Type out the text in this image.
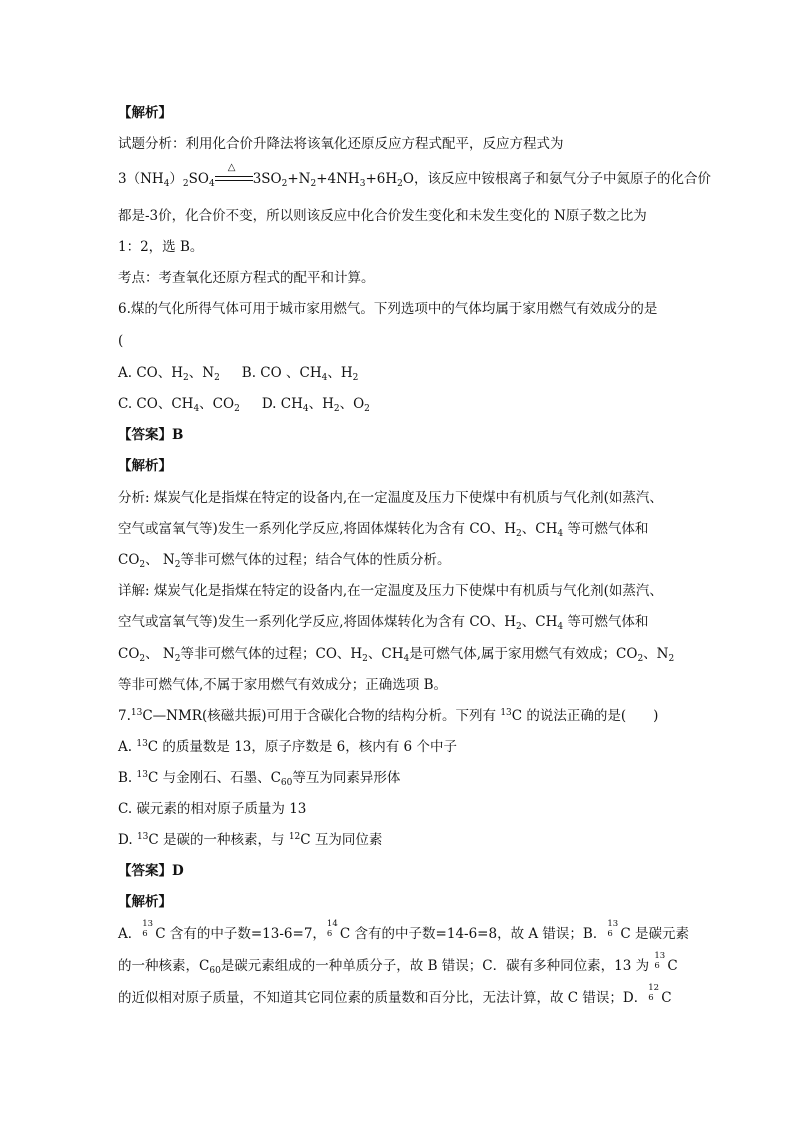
【解析】
试题分析：利用化合价升降法将该氧化还原反应方程式配平，反应方程式为
$3(NH_4)_2SO_4$
△
$3SO_2+N_2+4NH_3+6H_2O$，该反应中铵根离子和氨气分子中氮原子的化合价
都是-3价，化合价不变，所以则该反应中化合价发生变化和未发生变化的 N原子数之比为
1：2，选 B。
考点：考查氧化还原方程式的配平和计算。
6.煤的气化所得气体可用于城市家用燃气。下列选项中的气体均属于家用燃气有效成分的是
(
A. CO、$H_2$、$N_2$ B. CO 、$CH_4$、$H_2$
C. CO、$CH_4$、$CO_2$ D. $CH_4$、$H_2$、$O_2$
【答案】B
【解析】
分析: 煤炭气化是指煤在特定的设备内,在一定温度及压力下使煤中有机质与气化剂(如蒸汽、
空气或富氧气等)发生一系列化学反应,将固体煤转化为含有 CO、$H_2$、$CH_4$ 等可燃气体和
$CO_2$、 $N_2$等非可燃气体的过程；结合气体的性质分析。
详解: 煤炭气化是指煤在特定的设备内,在一定温度及压力下使煤中有机质与气化剂(如蒸汽、
空气或富氧气等)发生一系列化学反应,将固体煤转化为含有 CO、$H_2$、$CH_4$ 等可燃气体和
$CO_2$、 $N_2$等非可燃气体的过程；CO、$H_2$、$CH_4$是可燃气体,属于家用燃气有效成；$CO_2$、$N_2$
等非可燃气体,不属于家用燃气有效成分；正确选项 B。
7.13C—NMR(核磁共振)可用于含碳化合物的结构分析。下列有 $^{13}$C 的说法正确的是(　　)
A. $^{13}$C 的质量数是 13，原子序数是 6，核内有 6 个中子
B. $^{13}$C 与金刚石、石墨、$C_{60}$等互为同素异形体
C. 碳元素的相对原子质量为 13
D. $^{13}$C 是碳的一种核素，与 $^{12}$C 互为同位素
【答案】D
【解析】
A．
13
6 C 含有的中子数=13-6=7，
14
6 C 含有的中子数=14-6=8，故 A 错误；B．
13
6 C 是碳元素
的一种核素，$C_{60}$是碳元素组成的一种单质分子，故 B 错误；C．碳有多种同位素，13 为
13
6 C
的近似相对原子质量，不知道其它同位素的质量数和百分比，无法计算，故 C 错误；D．
12
6 C
